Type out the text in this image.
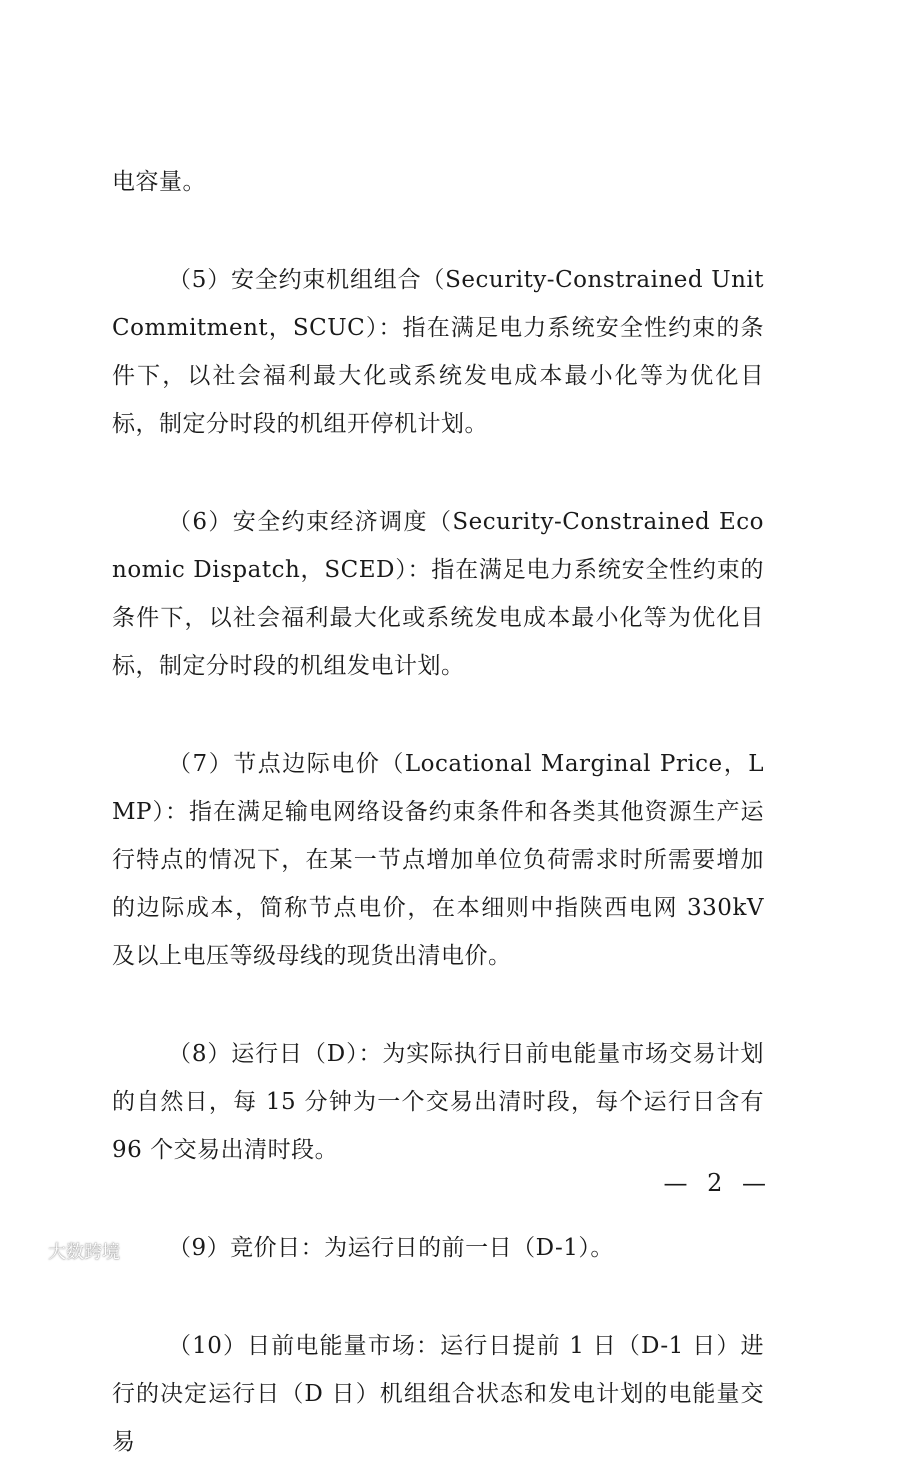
电容量。

（5）安全约束机组组合（Security-Constrained Unit Commitment，SCUC）：指在满足电力系统安全性约束的条件下，以社会福利最大化或系统发电成本最小化等为优化目标，制定分时段的机组开停机计划。

（6）安全约束经济调度（Security-Constrained Economic Dispatch，SCED）：指在满足电力系统安全性约束的条件下，以社会福利最大化或系统发电成本最小化等为优化目标，制定分时段的机组发电计划。

（7）节点边际电价（Locational Marginal Price，LMP）：指在满足输电网络设备约束条件和各类其他资源生产运行特点的情况下，在某一节点增加单位负荷需求时所需要增加的边际成本，简称节点电价，在本细则中指陕西电网 330kV 及以上电压等级母线的现货出清电价。

（8）运行日（D）：为实际执行日前电能量市场交易计划的自然日，每 15 分钟为一个交易出清时段，每个运行日含有 96 个交易出清时段。

（9）竞价日：为运行日的前一日（D-1）。

（10）日前电能量市场：运行日提前 1 日（D-1 日）进行的决定运行日（D 日）机组组合状态和发电计划的电能量交易

— 2 —
大数跨境
